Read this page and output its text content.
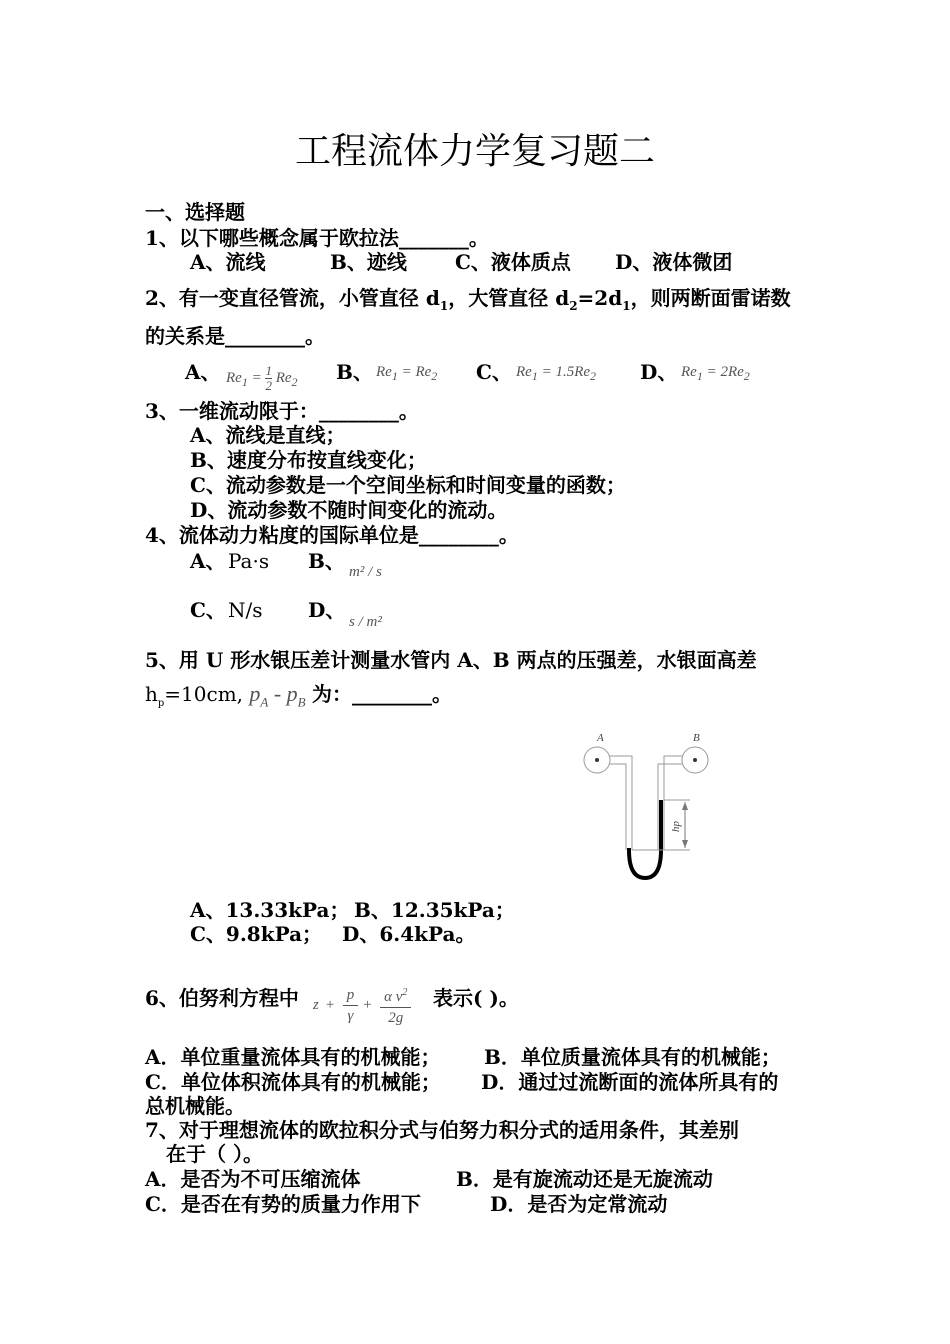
工程流体力学复习题二
一、选择题
1、以下哪些概念属于欧拉法_______。
A、流线	B、迹线 C、液体质点 D、液体微团
2、有一变直径管流，小管直径 $d_1$，大管直径 $d_2=2d_1$，则两断面雷诺数
的关系是________。
A、 $Re_1 = \frac{1}{2} Re_2$ B、 $Re_1 = Re_2$ C、 $Re_1 = 1.5Re_2$ D、 $Re_1 = 2Re_2$
3、一维流动限于：________。
A、流线是直线；
B、速度分布按直线变化；
C、流动参数是一个空间坐标和时间变量的函数；
D、流动参数不随时间变化的流动。
4、流体动力粘度的国际单位是________。
A、 Pa·s B、 m² / s
C、 N/s D、 s / m²
5、用 U 形水银压差计测量水管内 A、B 两点的压强差，水银面高差
$h_p=10cm$, $p_A - p_B$ 为：________。
A	B
hp
A、13.33kPa； B、12.35kPa；
C、9.8kPa； D、6.4kPa。
6、伯努利方程中 $z + \frac{p}{\gamma} + \frac{\alpha v^2}{2g}$ 表示( )。
A．单位重量流体具有的机械能； B．单位质量流体具有的机械能；
C．单位体积流体具有的机械能； D．通过过流断面的流体所具有的
总机械能。
7、对于理想流体的欧拉积分式与伯努力积分式的适用条件，其差别
在于（ ）。
A．是否为不可压缩流体	B．是有旋流动还是无旋流动
C．是否在有势的质量力作用下	D．是否为定常流动
